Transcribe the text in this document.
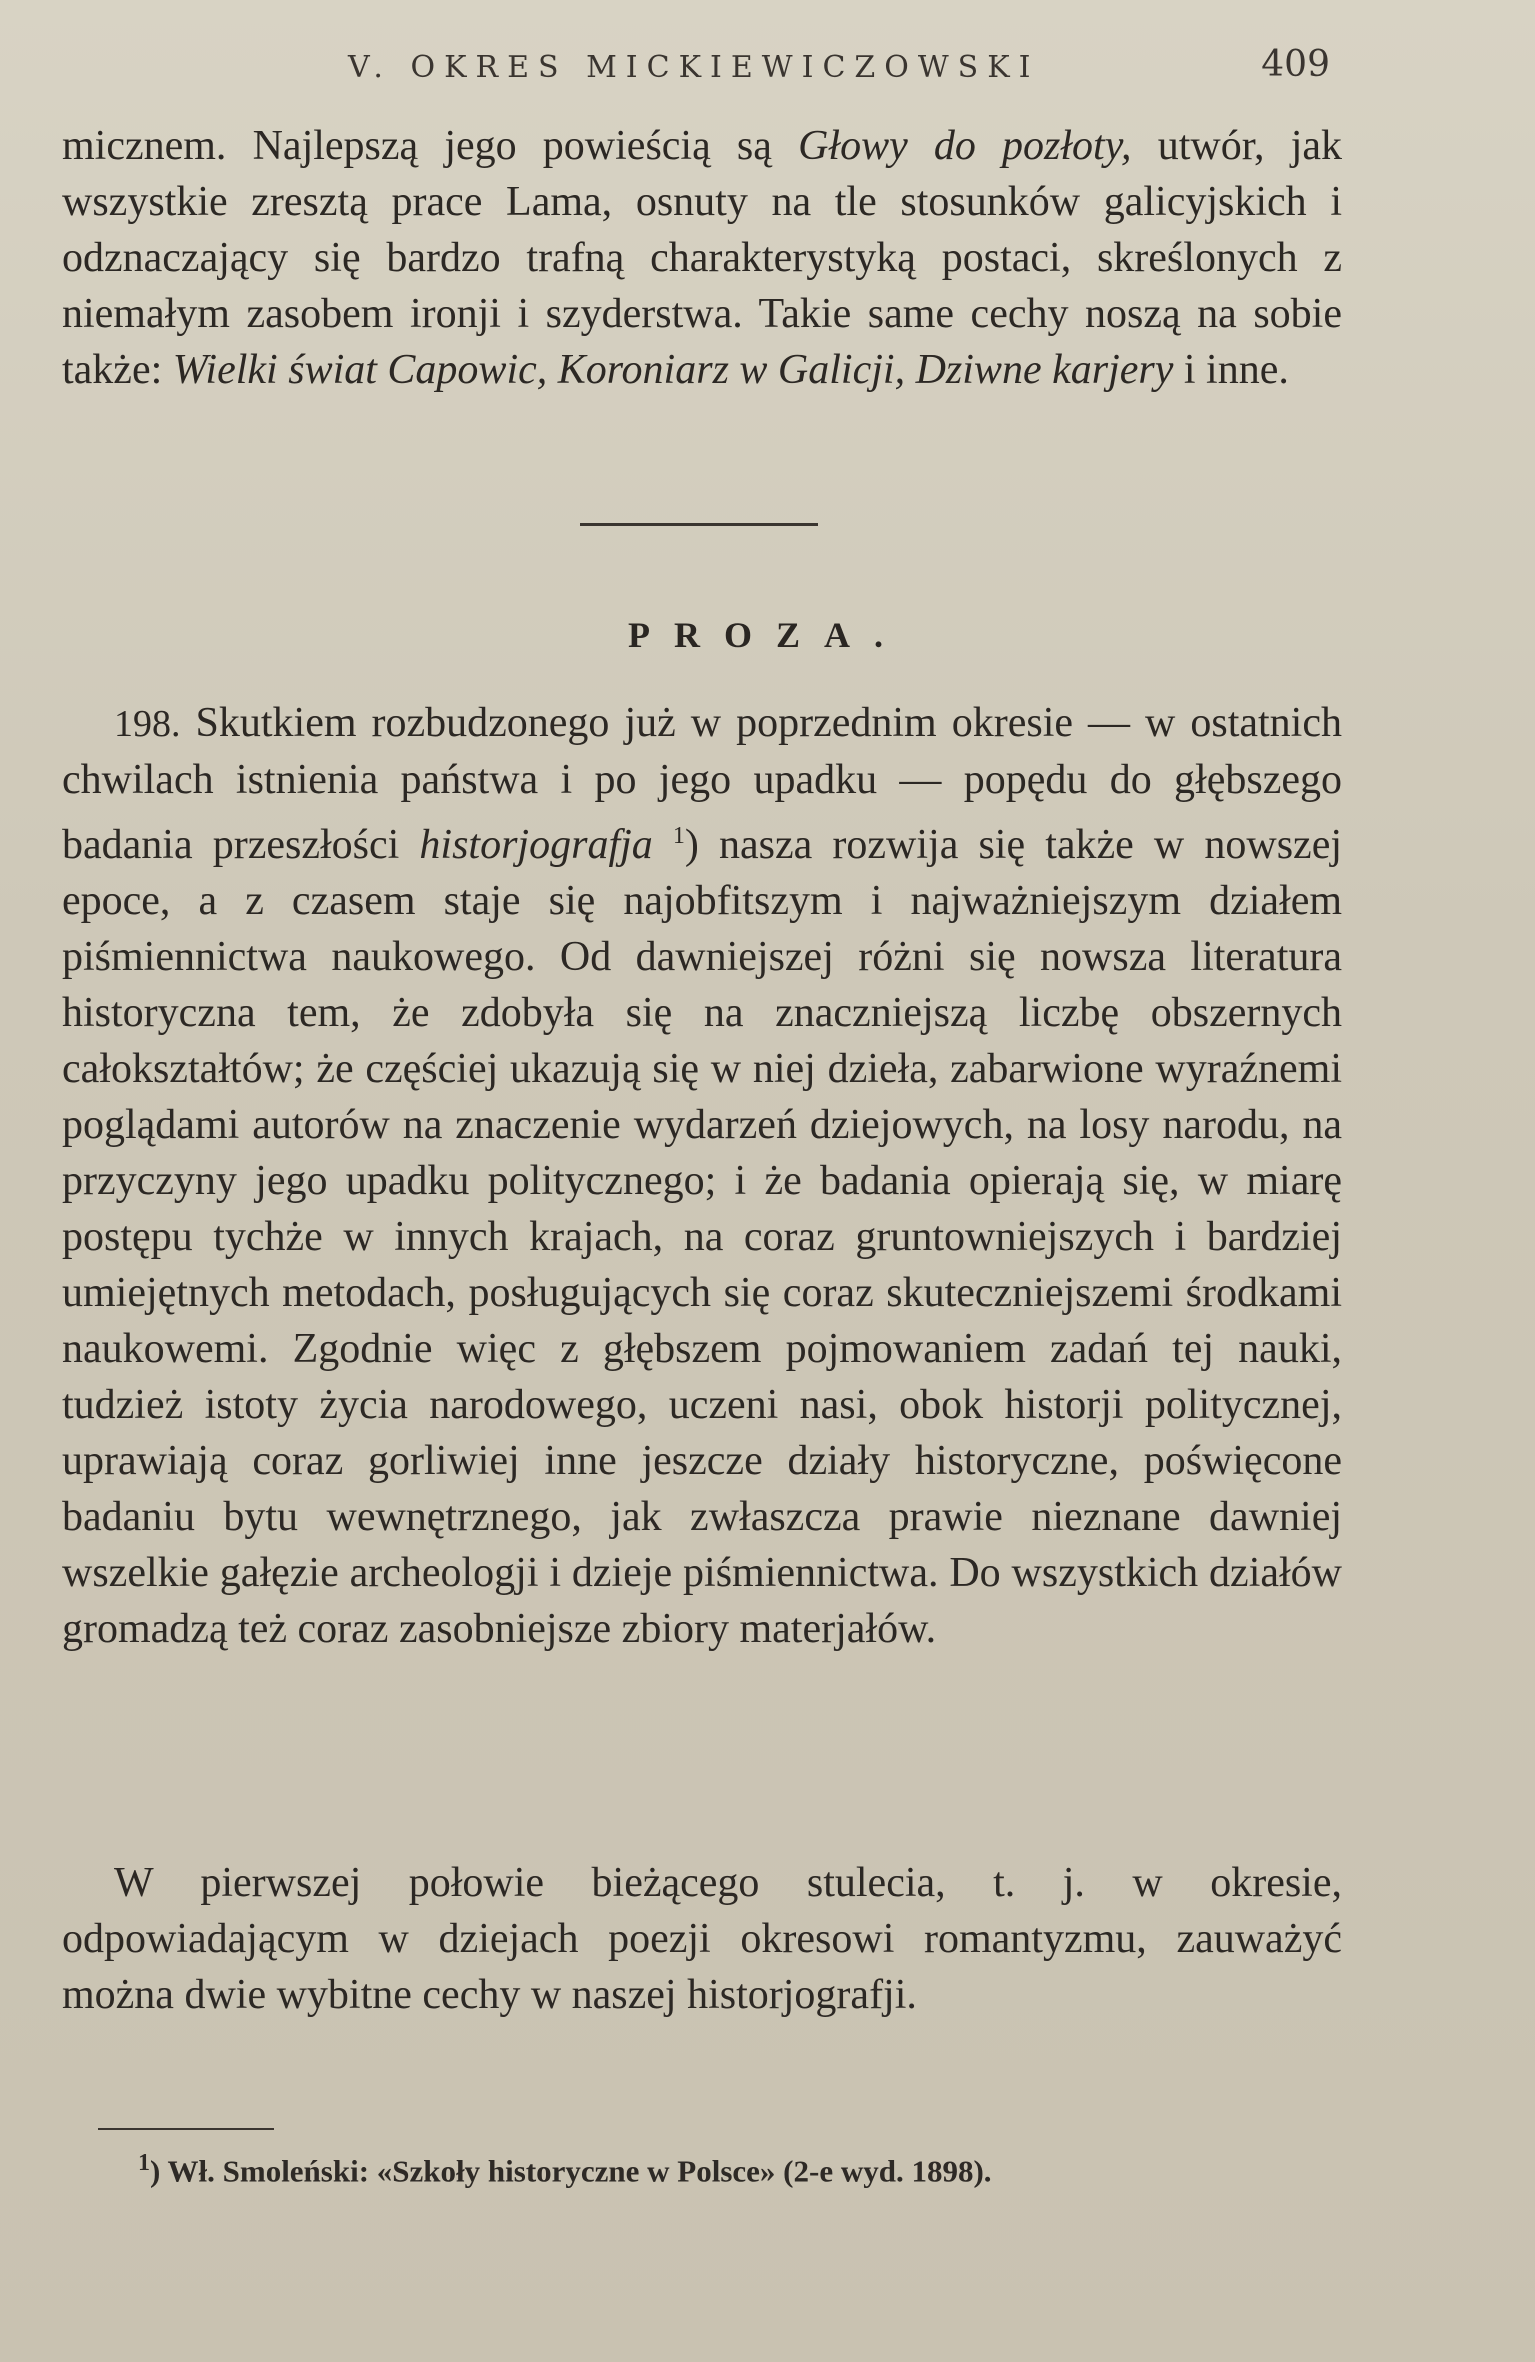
V. OKRES MICKIEWICZOWSKI	409

micznem. Najlepszą jego powieścią są Głowy do pozłoty, utwór, jak wszystkie zresztą prace Lama, osnuty na tle stosunków galicyjskich i odznaczający się bardzo trafną charakterystyką postaci, skreślonych z niemałym zasobem ironji i szyderstwa. Takie same cechy noszą na sobie także: Wielki świat Capowic, Koroniarz w Galicji, Dziwne karjery i inne.

PROZA.

198. Skutkiem rozbudzonego już w poprzednim okresie — w ostatnich chwilach istnienia państwa i po jego upadku — popędu do głębszego badania przeszłości historjografja $^1$) nasza rozwija się także w nowszej epoce, a z czasem staje się najobfitszym i najważniejszym działem piśmiennictwa naukowego. Od dawniejszej różni się nowsza literatura historyczna tem, że zdobyła się na znaczniejszą liczbę obszernych całokształtów; że częściej ukazują się w niej dzieła, zabarwione wyraźnemi poglądami autorów na znaczenie wydarzeń dziejowych, na losy narodu, na przyczyny jego upadku politycznego; i że badania opierają się, w miarę postępu tychże w innych krajach, na coraz gruntowniejszych i bardziej umiejętnych metodach, posługujących się coraz skuteczniejszemi środkami naukowemi. Zgodnie więc z głębszem pojmowaniem zadań tej nauki, tudzież istoty życia narodowego, uczeni nasi, obok historji politycznej, uprawiają coraz gorliwiej inne jeszcze działy historyczne, poświęcone badaniu bytu wewnętrznego, jak zwłaszcza prawie nieznane dawniej wszelkie gałęzie archeologji i dzieje piśmiennictwa. Do wszystkich działów gromadzą też coraz zasobniejsze zbiory materjałów.

W pierwszej połowie bieżącego stulecia, t. j. w okresie, odpowiadającym w dziejach poezji okresowi romantyzmu, zauważyć można dwie wybitne cechy w naszej historjografji.

$^1$) Wł. Smoleński: «Szkoły historyczne w Polsce» (2-e wyd. 1898).
